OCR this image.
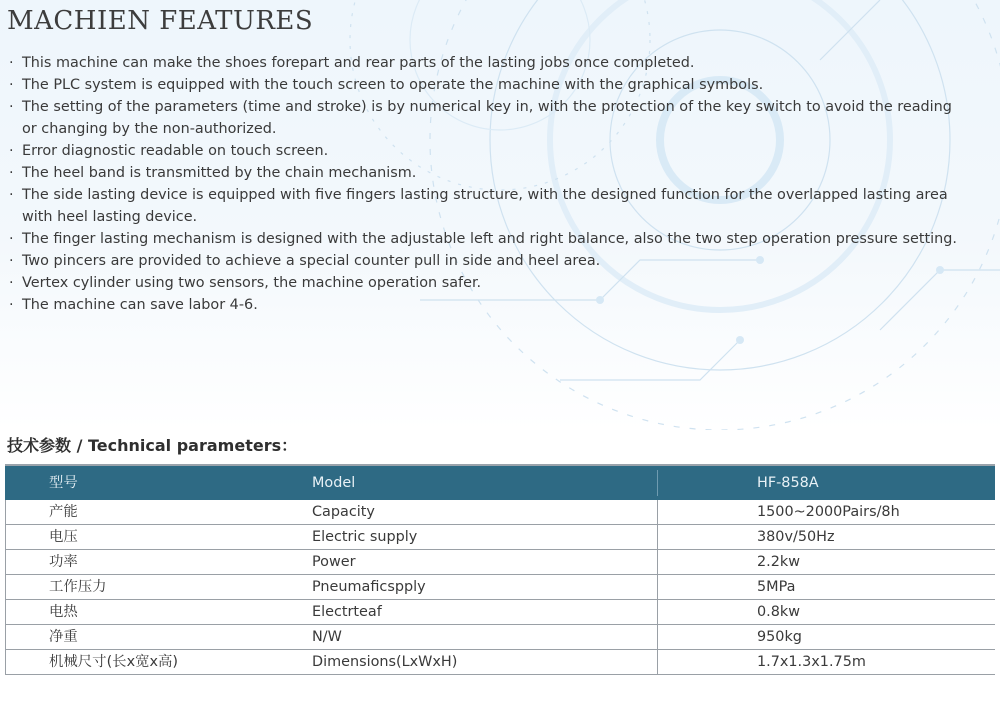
MACHIEN FEATURES
· This machine can make the shoes forepart and rear parts of the lasting jobs once completed.
· The PLC system is equipped with the touch screen to operate the machine with the graphical symbols.
· The setting of the parameters (time and stroke) is by numerical key in, with the protection of the key switch to avoid the reading
or changing by the non-authorized.
· Error diagnostic readable on touch screen.
· The heel band is transmitted by the chain mechanism.
· The side lasting device is equipped with five fingers lasting structure, with the designed function for the overlapped lasting area
with heel lasting device.
· The finger lasting mechanism is designed with the adjustable left and right balance, also the two step operation pressure setting.
· Two pincers are provided to achieve a special counter pull in side and heel area.
· Vertex cylinder using two sensors, the machine operation safer.
· The machine can save labor 4-6.
技术参数 / Technical parameters：
型号	Model	HF-858A
产能	Capacity	1500~2000Pairs/8h
电压	Electric supply	380v/50Hz
功率	Power	2.2kw
工作压力	Pneumaficspply	5MPa
电热	Electrteaf	0.8kw
净重	N/W	950kg
机械尺寸(长x宽x高)	Dimensions(LxWxH)	1.7x1.3x1.75m
